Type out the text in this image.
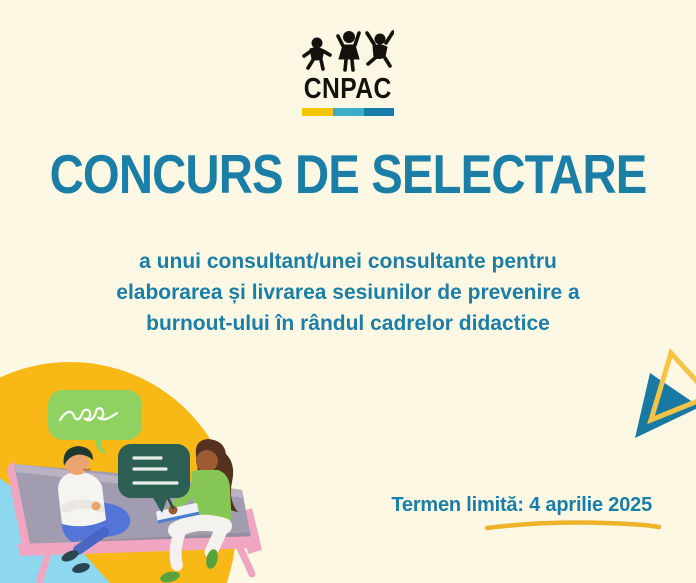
CNPAC
CONCURS DE SELECTARE

a unui consultant/unei consultante pentru
elaborarea și livrarea sesiunilor de prevenire a
burnout-ului în rândul cadrelor didactice

Termen limită: 4 aprilie 2025
